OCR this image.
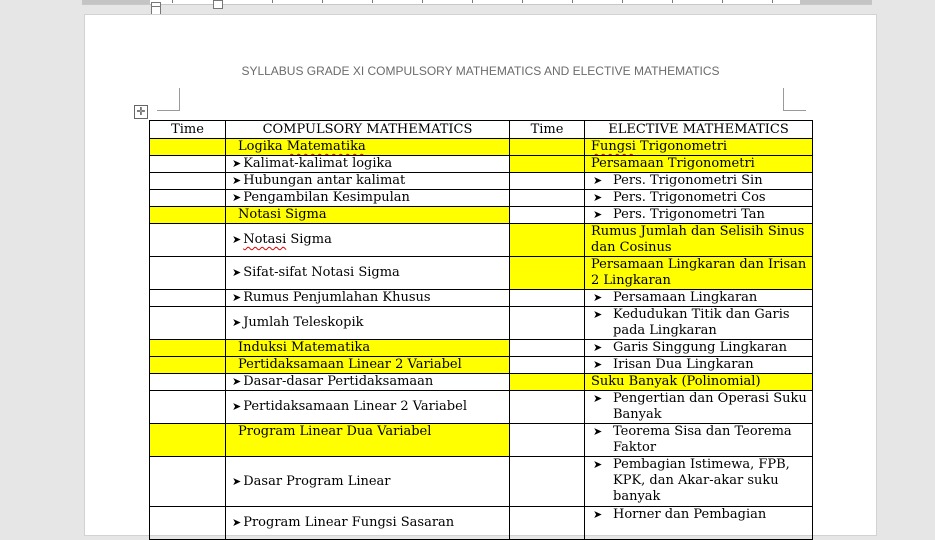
SYLLABUS GRADE XI COMPULSORY MATHEMATICS AND ELECTIVE MATHEMATICS
✛
Time	COMPULSORY MATHEMATICS	Time	ELECTIVE MATHEMATICS
	Logika Matematika		Fungsi Trigonometri
	➤ Kalimat-kalimat logika		Persamaan Trigonometri
	➤ Hubungan antar kalimat		➤ Pers. Trigonometri Sin

	➤ Pengambilan Kesimpulan		➤ Pers. Trigonometri Cos

	Notasi Sigma		➤ Pers. Trigonometri Tan

	➤ Notasi Sigma		Rumus Jumlah dan Selisih Sinus dan Cosinus
	➤ Sifat-sifat Notasi Sigma		Persamaan Lingkaran dan Irisan 2 Lingkaran
	➤ Rumus Penjumlahan Khusus		➤ Persamaan Lingkaran

	➤ Jumlah Teleskopik		➤ Kedudukan Titik dan Garis pada Lingkaran

	Induksi Matematika		➤ Garis Singgung Lingkaran

	Pertidaksamaan Linear 2 Variabel		➤ Irisan Dua Lingkaran

	➤ Dasar-dasar Pertidaksamaan		Suku Banyak (Polinomial)
	➤ Pertidaksamaan Linear 2 Variabel		➤ Pengertian dan Operasi Suku Banyak

	Program Linear Dua Variabel		➤ Teorema Sisa dan Teorema Faktor

	➤ Dasar Program Linear		➤ Pembagian Istimewa, FPB, KPK, dan Akar-akar suku banyak

	➤ Program Linear Fungsi Sasaran		➤ Horner dan Pembagian
